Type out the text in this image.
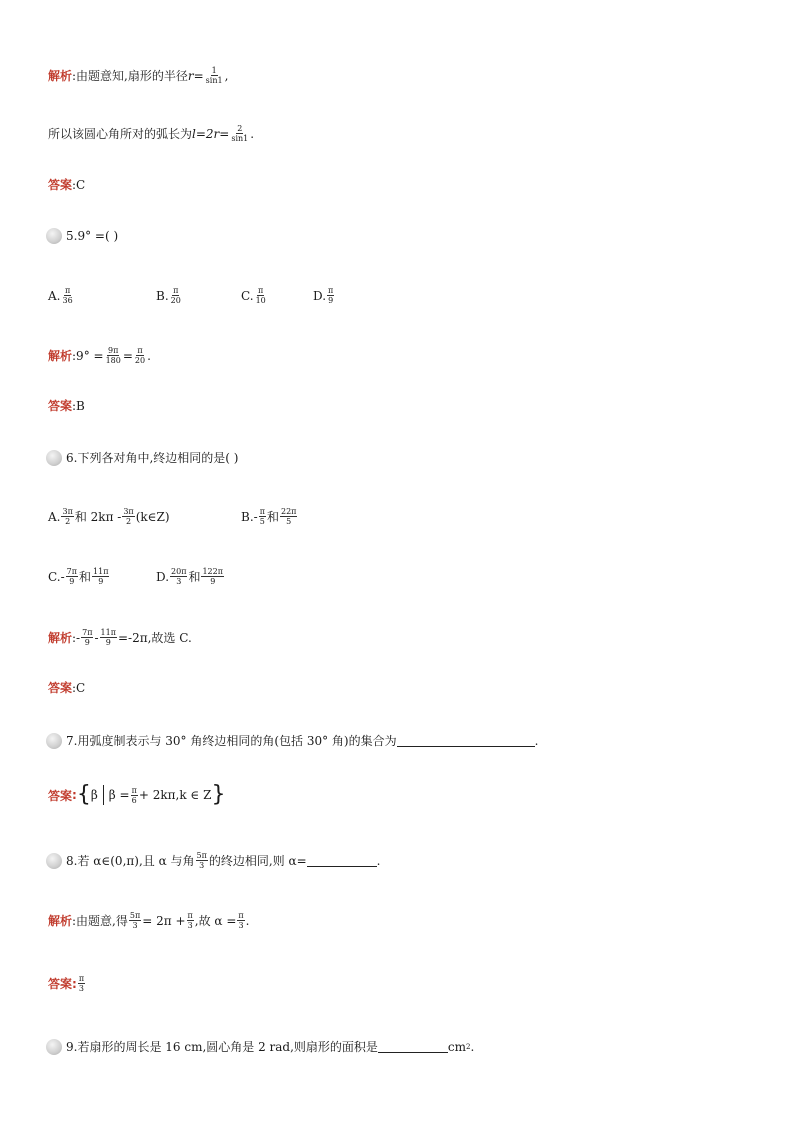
解析 :由题意知,扇形的半径 $r= \frac{1}{\sin 1}$ ,
所以该圆心角所对的弧长为 $l=2r= \frac{2}{\sin 1}$ .
答案 :C
5.9° =( )
A. $\frac{\pi}{36}$	B. $\frac{\pi}{20}$	C. $\frac{\pi}{10}$	D. $\frac{\pi}{9}$
解析 :9° = $\frac{9\pi}{180} = \frac{\pi}{20}$ .
答案 :B
6.下列各对角中,终边相同的是( )
A. $\frac{3\pi}{2}$ 和 $2k\pi - \frac{3\pi}{2}$ (k∈Z)	B. - $\frac{\pi}{5}$ 和 $\frac{22\pi}{5}$
C. - $\frac{7\pi}{9}$ 和 $\frac{11\pi}{9}$	D. $\frac{20\pi}{3}$ 和 $\frac{122\pi}{9}$
解析 :- $\frac{7\pi}{9} - \frac{11\pi}{9} =-2\pi$,故选 C.
答案 :C
7.用弧度制表示与 30° 角终边相同的角(包括 30° 角)的集合为	.
答案 : { β $\beta = \frac{\pi}{6} + 2k\pi,k$ ∈ Z }
8.若 α∈(0,π),且 α 与角 $\frac{5\pi}{3}$ 的终边相同,则 α=	.
解析 :由题意,得 $\frac{5\pi}{3} = 2\pi + \frac{\pi}{3}$ ,故 $\alpha = \frac{\pi}{3}$ .
答案 : $\frac{\pi}{3}$
9.若扇形的周长是 16 cm,圆心角是 2 rad,则扇形的面积是	cm 2 .
